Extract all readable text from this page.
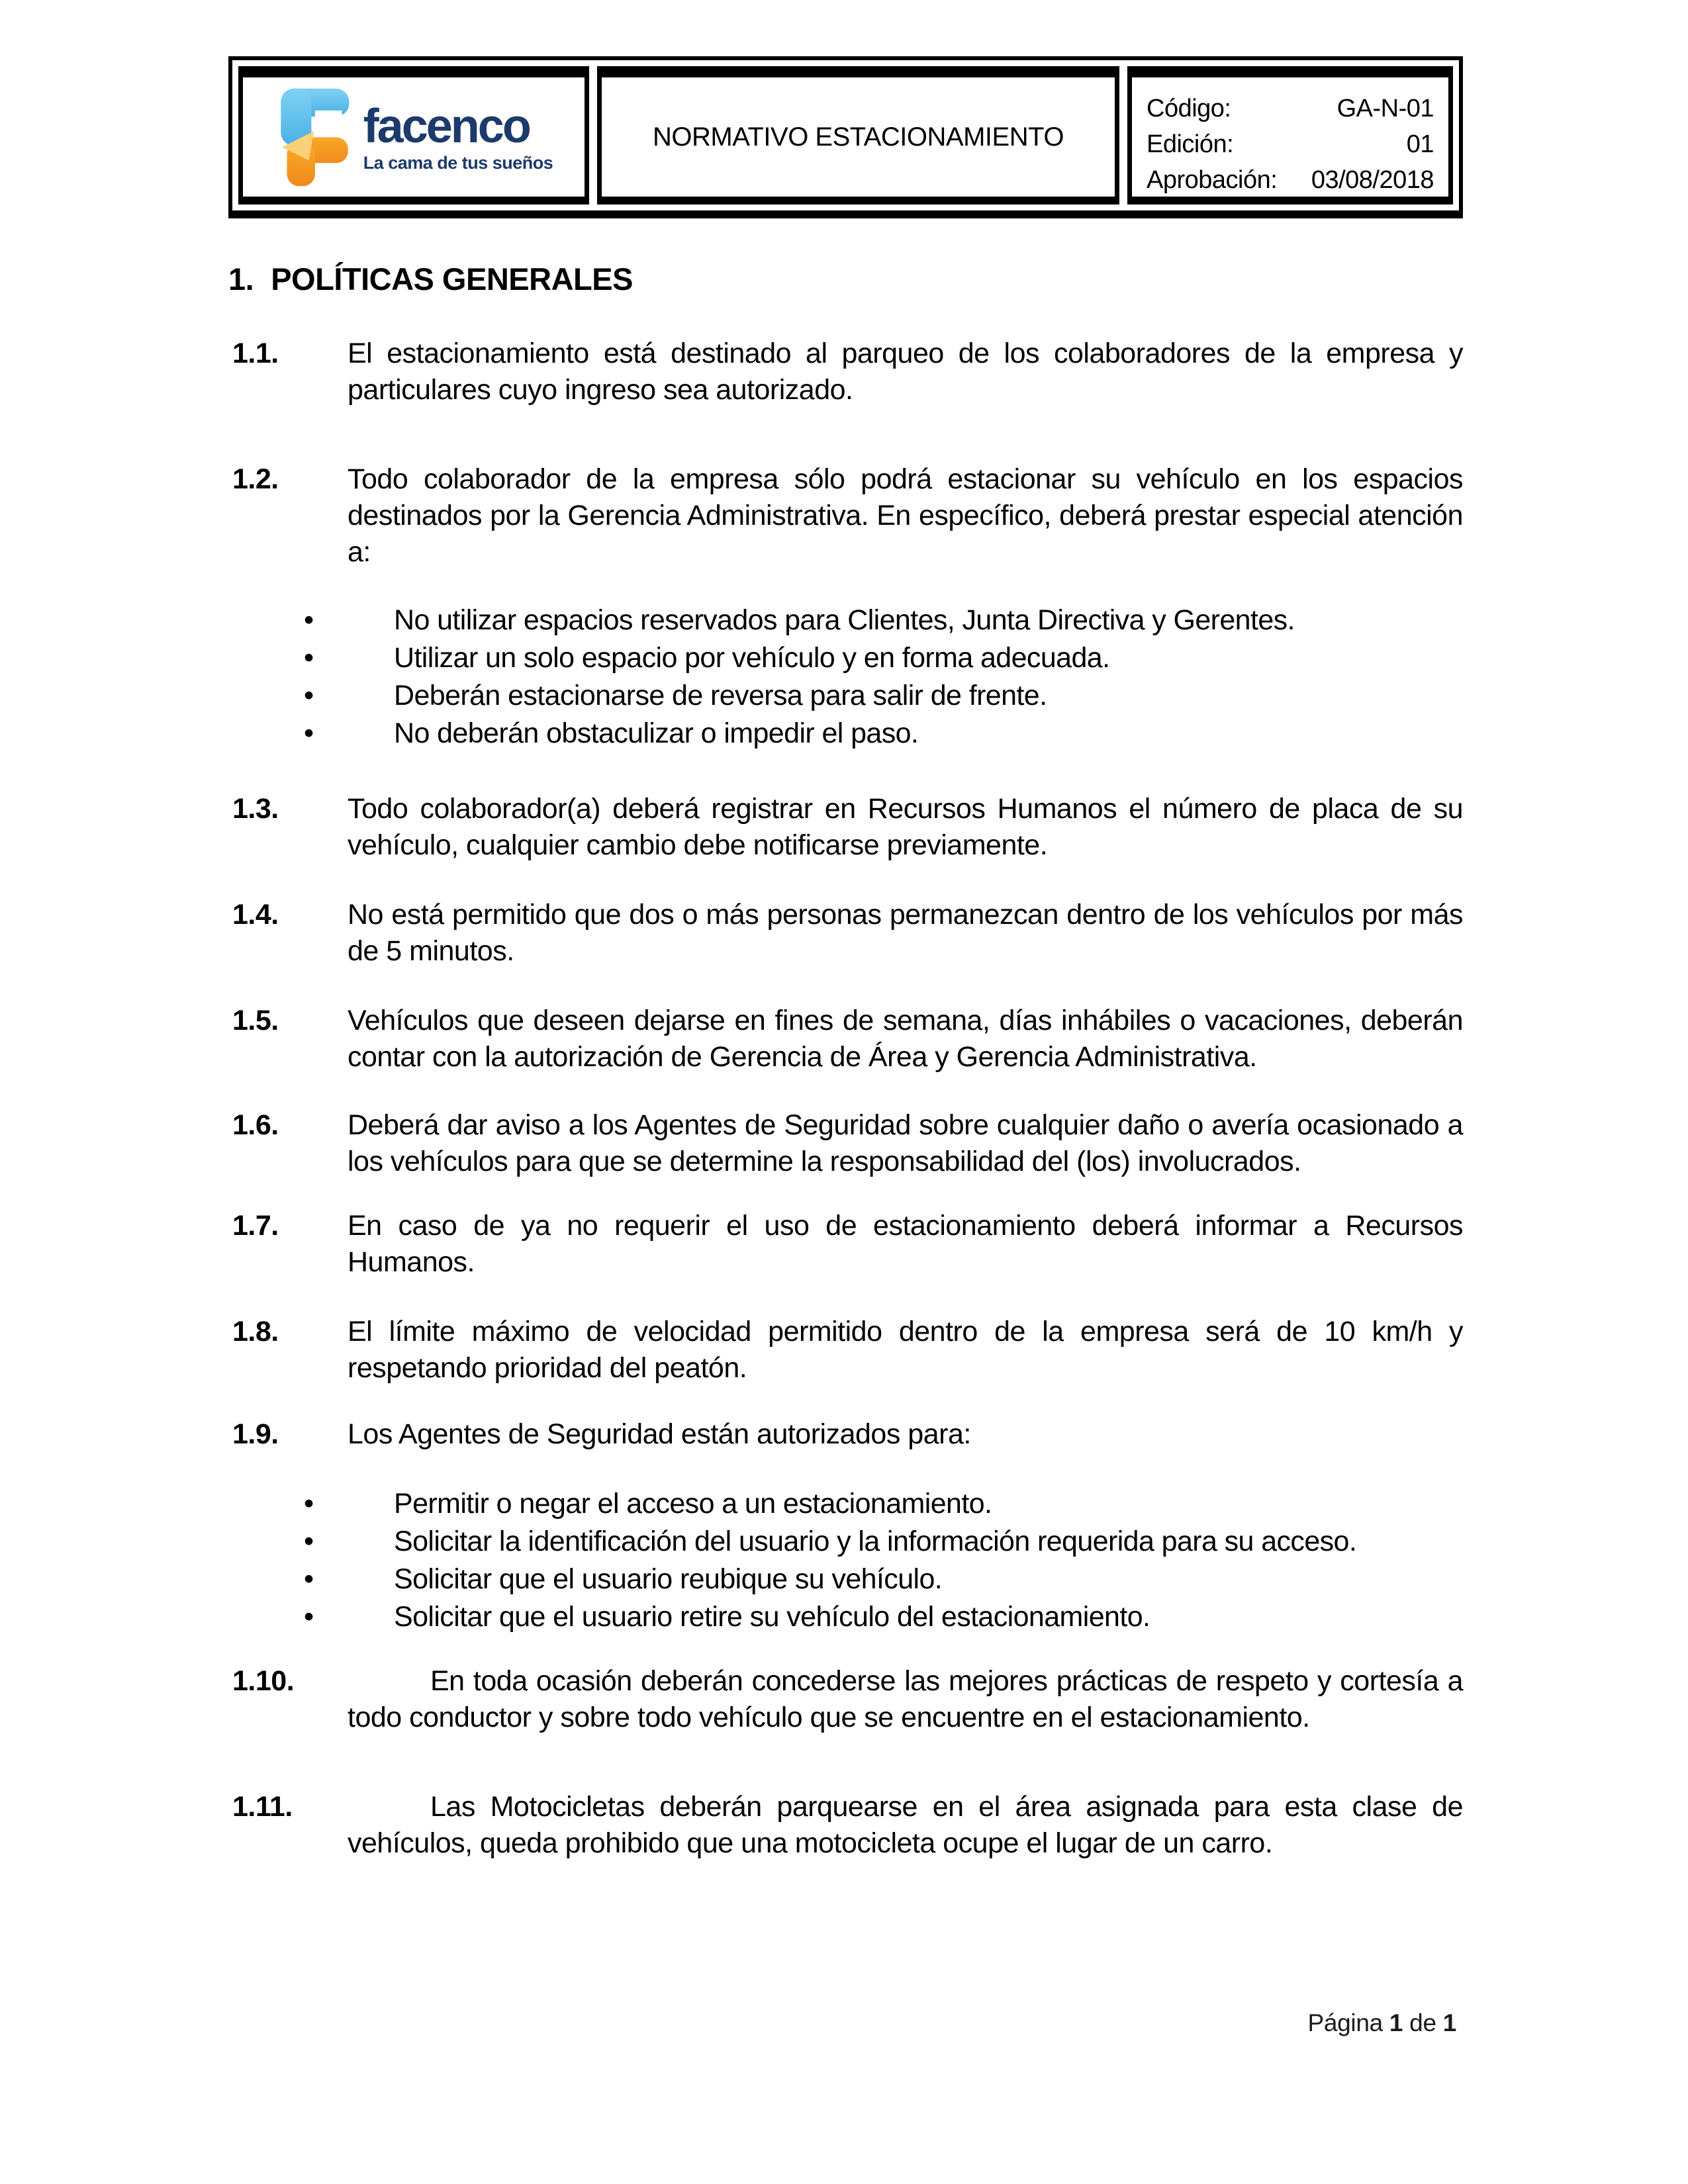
facenco
La cama de tus sueños
NORMATIVO ESTACIONAMIENTO
Código:	GA-N-01
Edición:	01
Aprobación: 03/08/2018
1. POLÍTICAS GENERALES

1.1. El estacionamiento está destinado al parqueo de los colaboradores de la empresa y particulares cuyo ingreso sea autorizado.

1.2. Todo colaborador de la empresa sólo podrá estacionar su vehículo en los espacios destinados por la Gerencia Administrativa. En específico, deberá prestar especial atención a:

•	No utilizar espacios reservados para Clientes, Junta Directiva y Gerentes.

•	Utilizar un solo espacio por vehículo y en forma adecuada.

•	Deberán estacionarse de reversa para salir de frente.

•	No deberán obstaculizar o impedir el paso.

1.3. Todo colaborador(a) deberá registrar en Recursos Humanos el número de placa de su vehículo, cualquier cambio debe notificarse previamente.

1.4. No está permitido que dos o más personas permanezcan dentro de los vehículos por más de 5 minutos.

1.5. Vehículos que deseen dejarse en fines de semana, días inhábiles o vacaciones, deberán contar con la autorización de Gerencia de Área y Gerencia Administrativa.

1.6. Deberá dar aviso a los Agentes de Seguridad sobre cualquier daño o avería ocasionado a los vehículos para que se determine la responsabilidad del (los) involucrados.

1.7. En caso de ya no requerir el uso de estacionamiento deberá informar a Recursos Humanos.

1.8. El límite máximo de velocidad permitido dentro de la empresa será de 10 km/h y respetando prioridad del peatón.

1.9. Los Agentes de Seguridad están autorizados para:

•	Permitir o negar el acceso a un estacionamiento.

•	Solicitar la identificación del usuario y la información requerida para su acceso.

•	Solicitar que el usuario reubique su vehículo.

•	Solicitar que el usuario retire su vehículo del estacionamiento.

1.10.	En toda ocasión deberán concederse las mejores prácticas de respeto y cortesía a todo conductor y sobre todo vehículo que se encuentre en el estacionamiento.

1.11.	Las Motocicletas deberán parquearse en el área asignada para esta clase de vehículos, queda prohibido que una motocicleta ocupe el lugar de un carro.

Página 1 de 1
